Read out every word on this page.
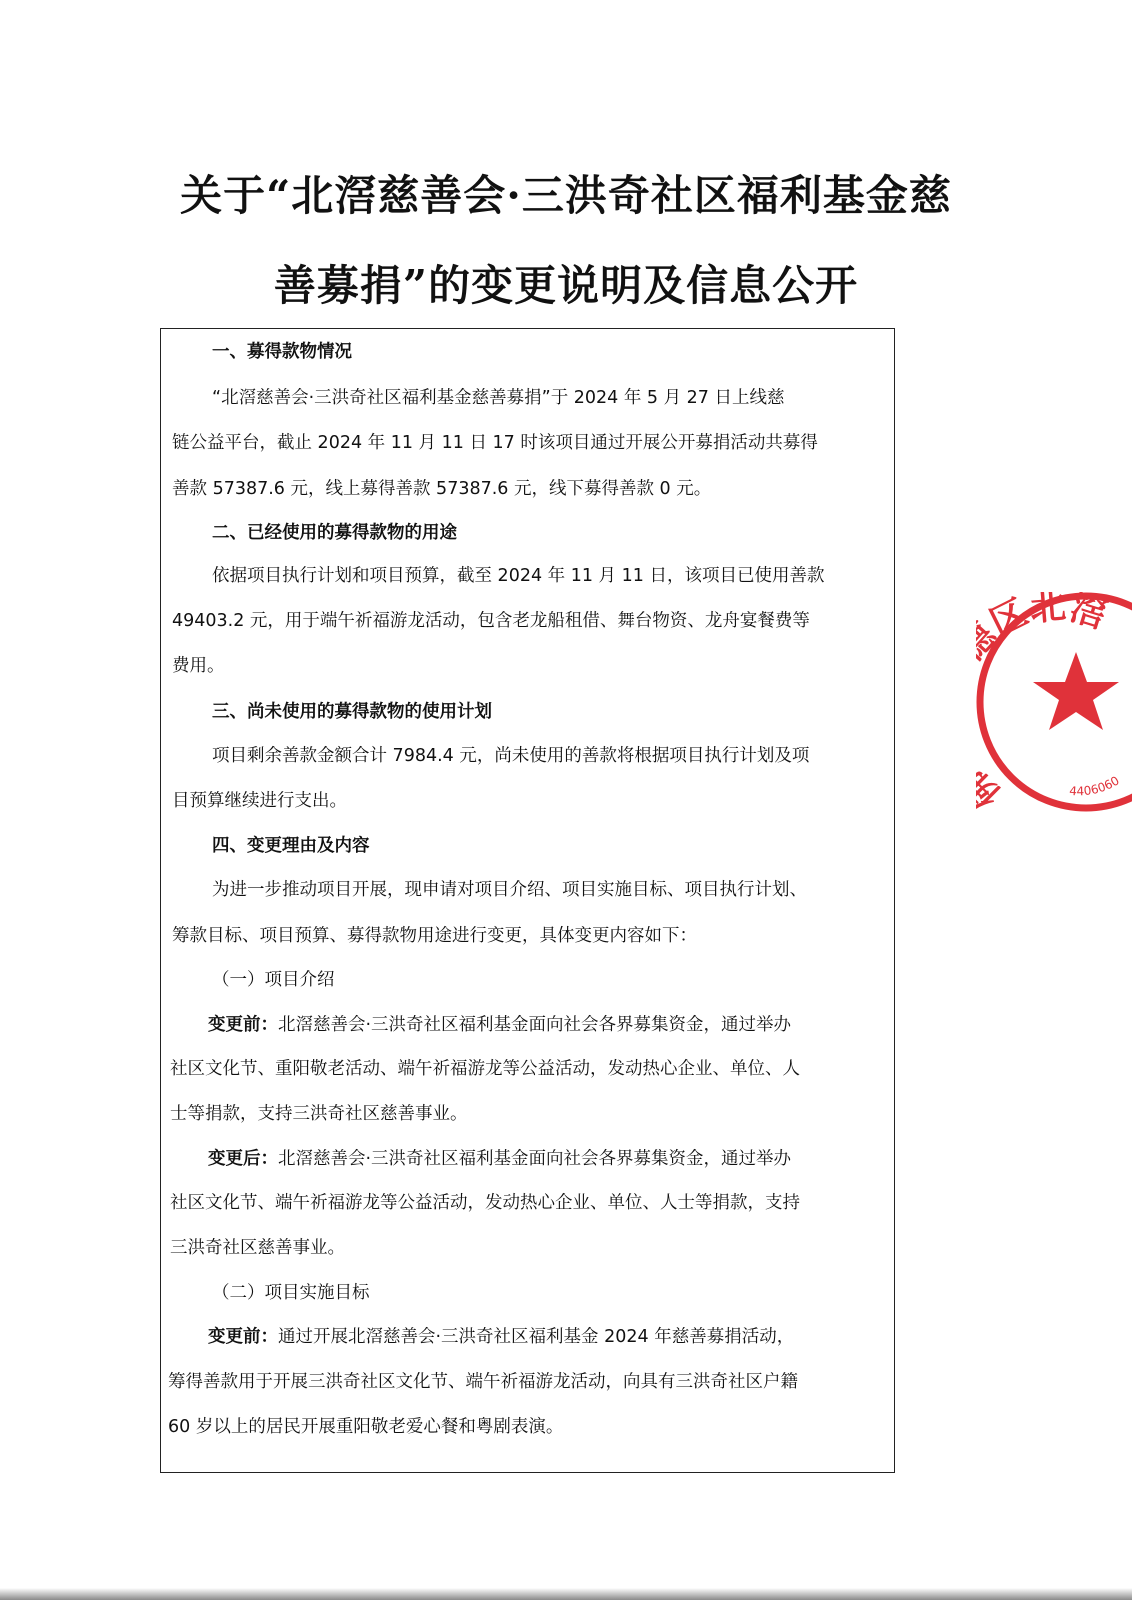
关于“北滘慈善会·三洪奇社区福利基金慈
善募捐”的变更说明及信息公开
一、募得款物情况
“北滘慈善会·三洪奇社区福利基金慈善募捐”于 2024 年 5 月 27 日上线慈
链公益平台，截止 2024 年 11 月 11 日 17 时该项目通过开展公开募捐活动共募得
善款 57387.6 元，线上募得善款 57387.6 元，线下募得善款 0 元。
二、已经使用的募得款物的用途
依据项目执行计划和项目预算，截至 2024 年 11 月 11 日，该项目已使用善款
49403.2 元，用于端午祈福游龙活动，包含老龙船租借、舞台物资、龙舟宴餐费等
费用。
三、尚未使用的募得款物的使用计划
项目剩余善款金额合计 7984.4 元，尚未使用的善款将根据项目执行计划及项
目预算继续进行支出。
四、变更理由及内容
为进一步推动项目开展，现申请对项目介绍、项目实施目标、项目执行计划、
筹款目标、项目预算、募得款物用途进行变更，具体变更内容如下：
（一）项目介绍
变更前：北滘慈善会·三洪奇社区福利基金面向社会各界募集资金，通过举办
社区文化节、重阳敬老活动、端午祈福游龙等公益活动，发动热心企业、单位、人
士等捐款，支持三洪奇社区慈善事业。
变更后：北滘慈善会·三洪奇社区福利基金面向社会各界募集资金，通过举办
社区文化节、端午祈福游龙等公益活动，发动热心企业、单位、人士等捐款，支持
三洪奇社区慈善事业。
（二）项目实施目标
变更前：通过开展北滘慈善会·三洪奇社区福利基金 2024 年慈善募捐活动，
筹得善款用于开展三洪奇社区文化节、端午祈福游龙活动，向具有三洪奇社区户籍
60 岁以上的居民开展重阳敬老爱心餐和粤剧表演。
区北滘
4406060
